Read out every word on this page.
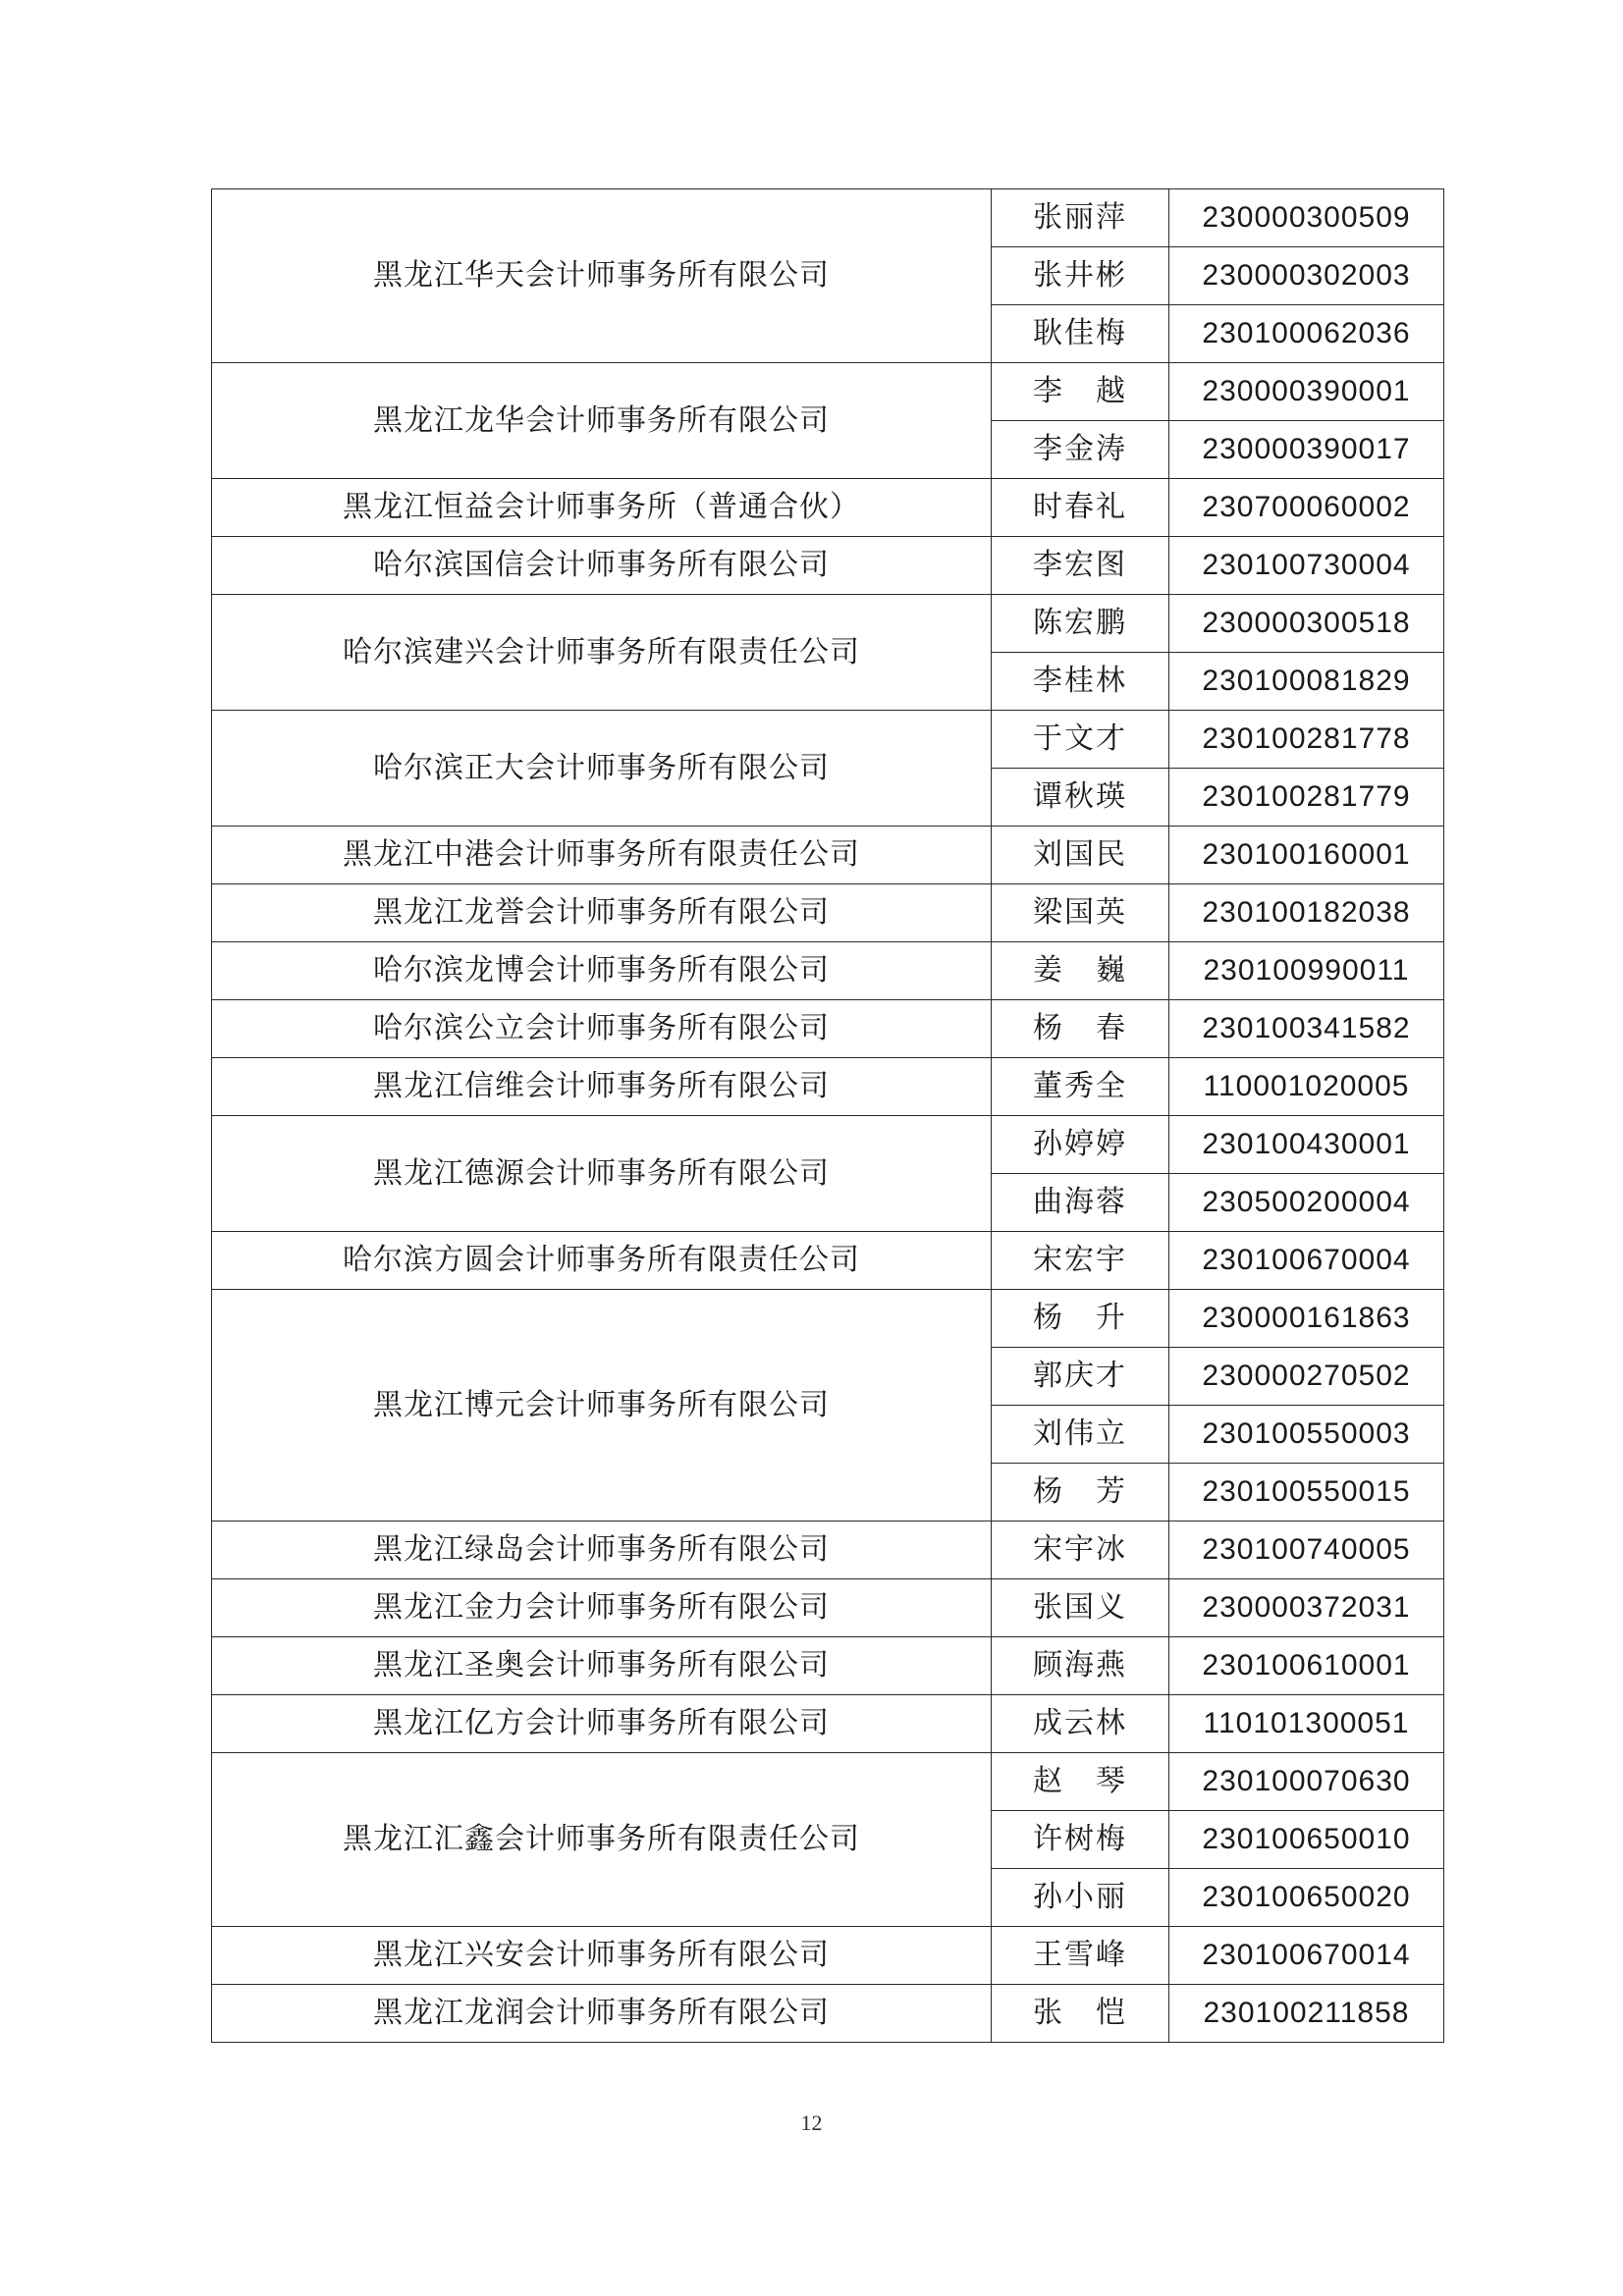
黑龙江华天会计师事务所有限公司	张丽萍	230000300509
	张井彬	230000302003
	耿佳梅	230100062036
黑龙江龙华会计师事务所有限公司	李　越	230000390001
	李金涛	230000390017
黑龙江恒益会计师事务所（普通合伙）	时春礼	230700060002
哈尔滨国信会计师事务所有限公司	李宏图	230100730004
哈尔滨建兴会计师事务所有限责任公司	陈宏鹏	230000300518
	李桂林	230100081829
哈尔滨正大会计师事务所有限公司	于文才	230100281778
	谭秋瑛	230100281779
黑龙江中港会计师事务所有限责任公司	刘国民	230100160001
黑龙江龙誉会计师事务所有限公司	梁国英	230100182038
哈尔滨龙博会计师事务所有限公司	姜　巍	230100990011
哈尔滨公立会计师事务所有限公司	杨　春	230100341582
黑龙江信维会计师事务所有限公司	董秀全	110001020005
黑龙江德源会计师事务所有限公司	孙婷婷	230100430001
	曲海蓉	230500200004
哈尔滨方圆会计师事务所有限责任公司	宋宏宇	230100670004
黑龙江博元会计师事务所有限公司	杨　升	230000161863
	郭庆才	230000270502
	刘伟立	230100550003
	杨　芳	230100550015
黑龙江绿岛会计师事务所有限公司	宋宇冰	230100740005
黑龙江金力会计师事务所有限公司	张国义	230000372031
黑龙江圣奥会计师事务所有限公司	顾海燕	230100610001
黑龙江亿方会计师事务所有限公司	成云林	110101300051
黑龙江汇鑫会计师事务所有限责任公司	赵　琴	230100070630
	许树梅	230100650010
	孙小丽	230100650020
黑龙江兴安会计师事务所有限公司	王雪峰	230100670014
黑龙江龙润会计师事务所有限公司	张　恺	230100211858
12
